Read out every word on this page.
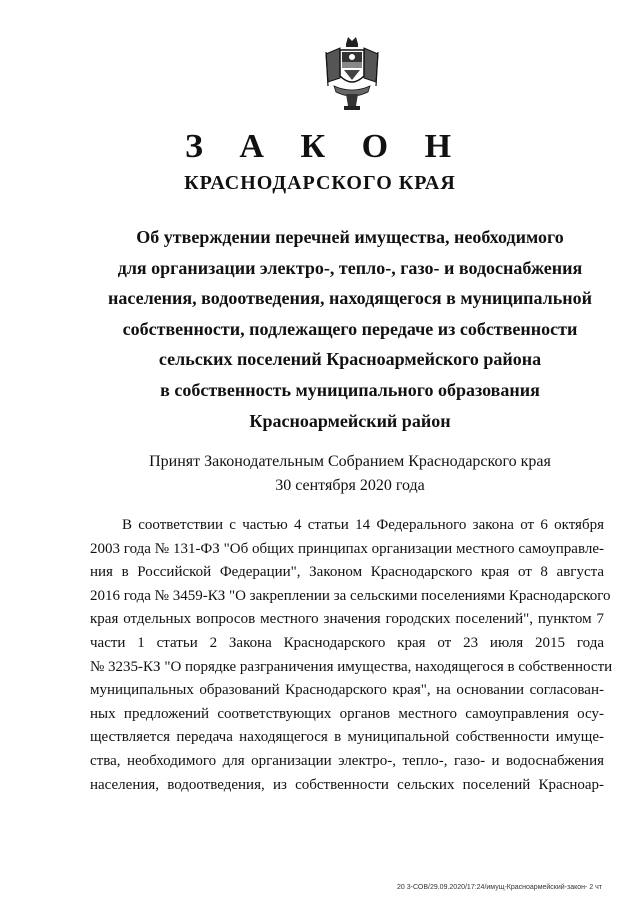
З А К О Н
КРАСНОДАРСКОГО КРАЯ
Об утверждении перечней имущества, необходимого
для организации электро-, тепло-, газо- и водоснабжения
населения, водоотведения, находящегося в муниципальной
собственности, подлежащего передаче из собственности
сельских поселений Красноармейского района
в собственность муниципального образования
Красноармейский район
Принят Законодательным Собранием Краснодарского края
30 сентября 2020 года
В соответствии с частью 4 статьи 14 Федерального закона от 6 октября
2003 года № 131-ФЗ "Об общих принципах организации местного самоуправле-
ния в Российской Федерации", Законом Краснодарского края от 8 августа
2016 года № 3459-КЗ "О закреплении за сельскими поселениями Краснодарского
края отдельных вопросов местного значения городских поселений", пунктом 7
части 1 статьи 2 Закона Краснодарского края от 23 июля 2015 года
№ 3235-КЗ "О порядке разграничения имущества, находящегося в собственности
муниципальных образований Краснодарского края", на основании согласован-
ных предложений соответствующих органов местного самоуправления осу-
ществляется передача находящегося в муниципальной собственности имуще-
ства, необходимого для организации электро-, тепло-, газо- и водоснабжения
населения, водоотведения, из собственности сельских поселений Красноар-
20 3-СОВ/29.09.2020/17:24/имущ-Красноармейский-закон- 2 чт
